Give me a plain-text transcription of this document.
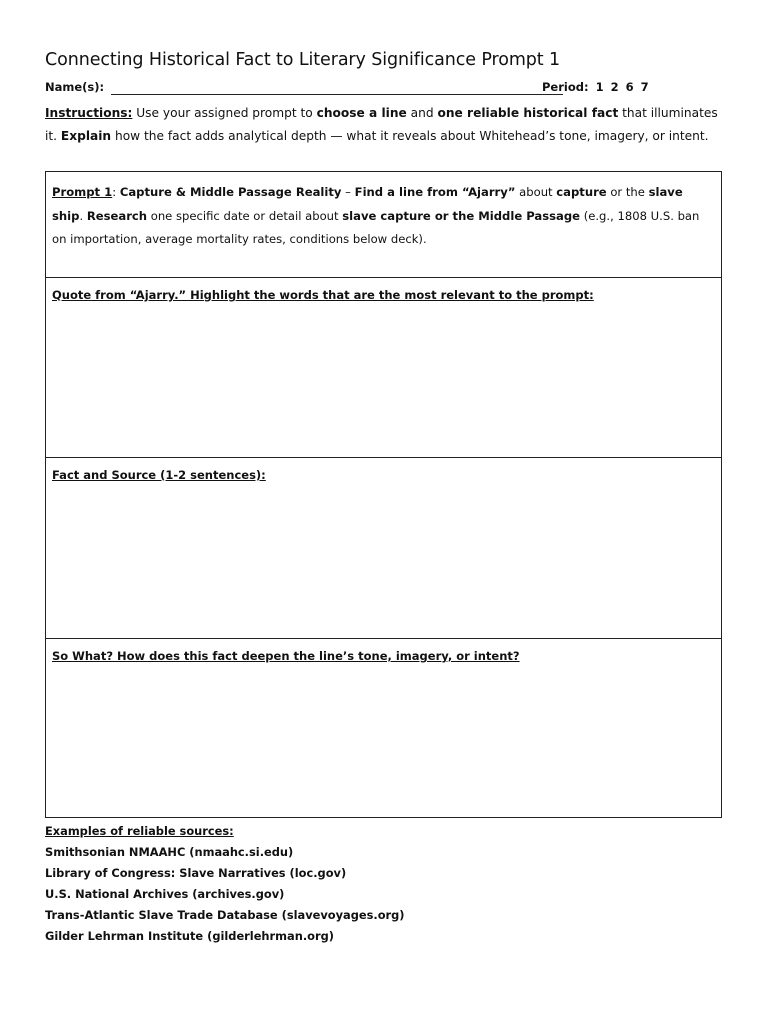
Connecting Historical Fact to Literary Significance Prompt 1
Name(s):	Period: 1 2 6 7
Instructions: Use your assigned prompt to choose a line and one reliable historical fact that illuminates it. Explain how the fact adds analytical depth — what it reveals about Whitehead’s tone, imagery, or intent.
Prompt 1: Capture & Middle Passage Reality – Find a line from “Ajarry” about capture or the slave ship. Research one specific date or detail about slave capture or the Middle Passage (e.g., 1808 U.S. ban on importation, average mortality rates, conditions below deck).
Quote from “Ajarry.” Highlight the words that are the most relevant to the prompt:
Fact and Source (1-2 sentences):
So What? How does this fact deepen the line’s tone, imagery, or intent?
Examples of reliable sources:
Smithsonian NMAAHC (nmaahc.si.edu)
Library of Congress: Slave Narratives (loc.gov)
U.S. National Archives (archives.gov)
Trans-Atlantic Slave Trade Database (slavevoyages.org)
Gilder Lehrman Institute (gilderlehrman.org)
